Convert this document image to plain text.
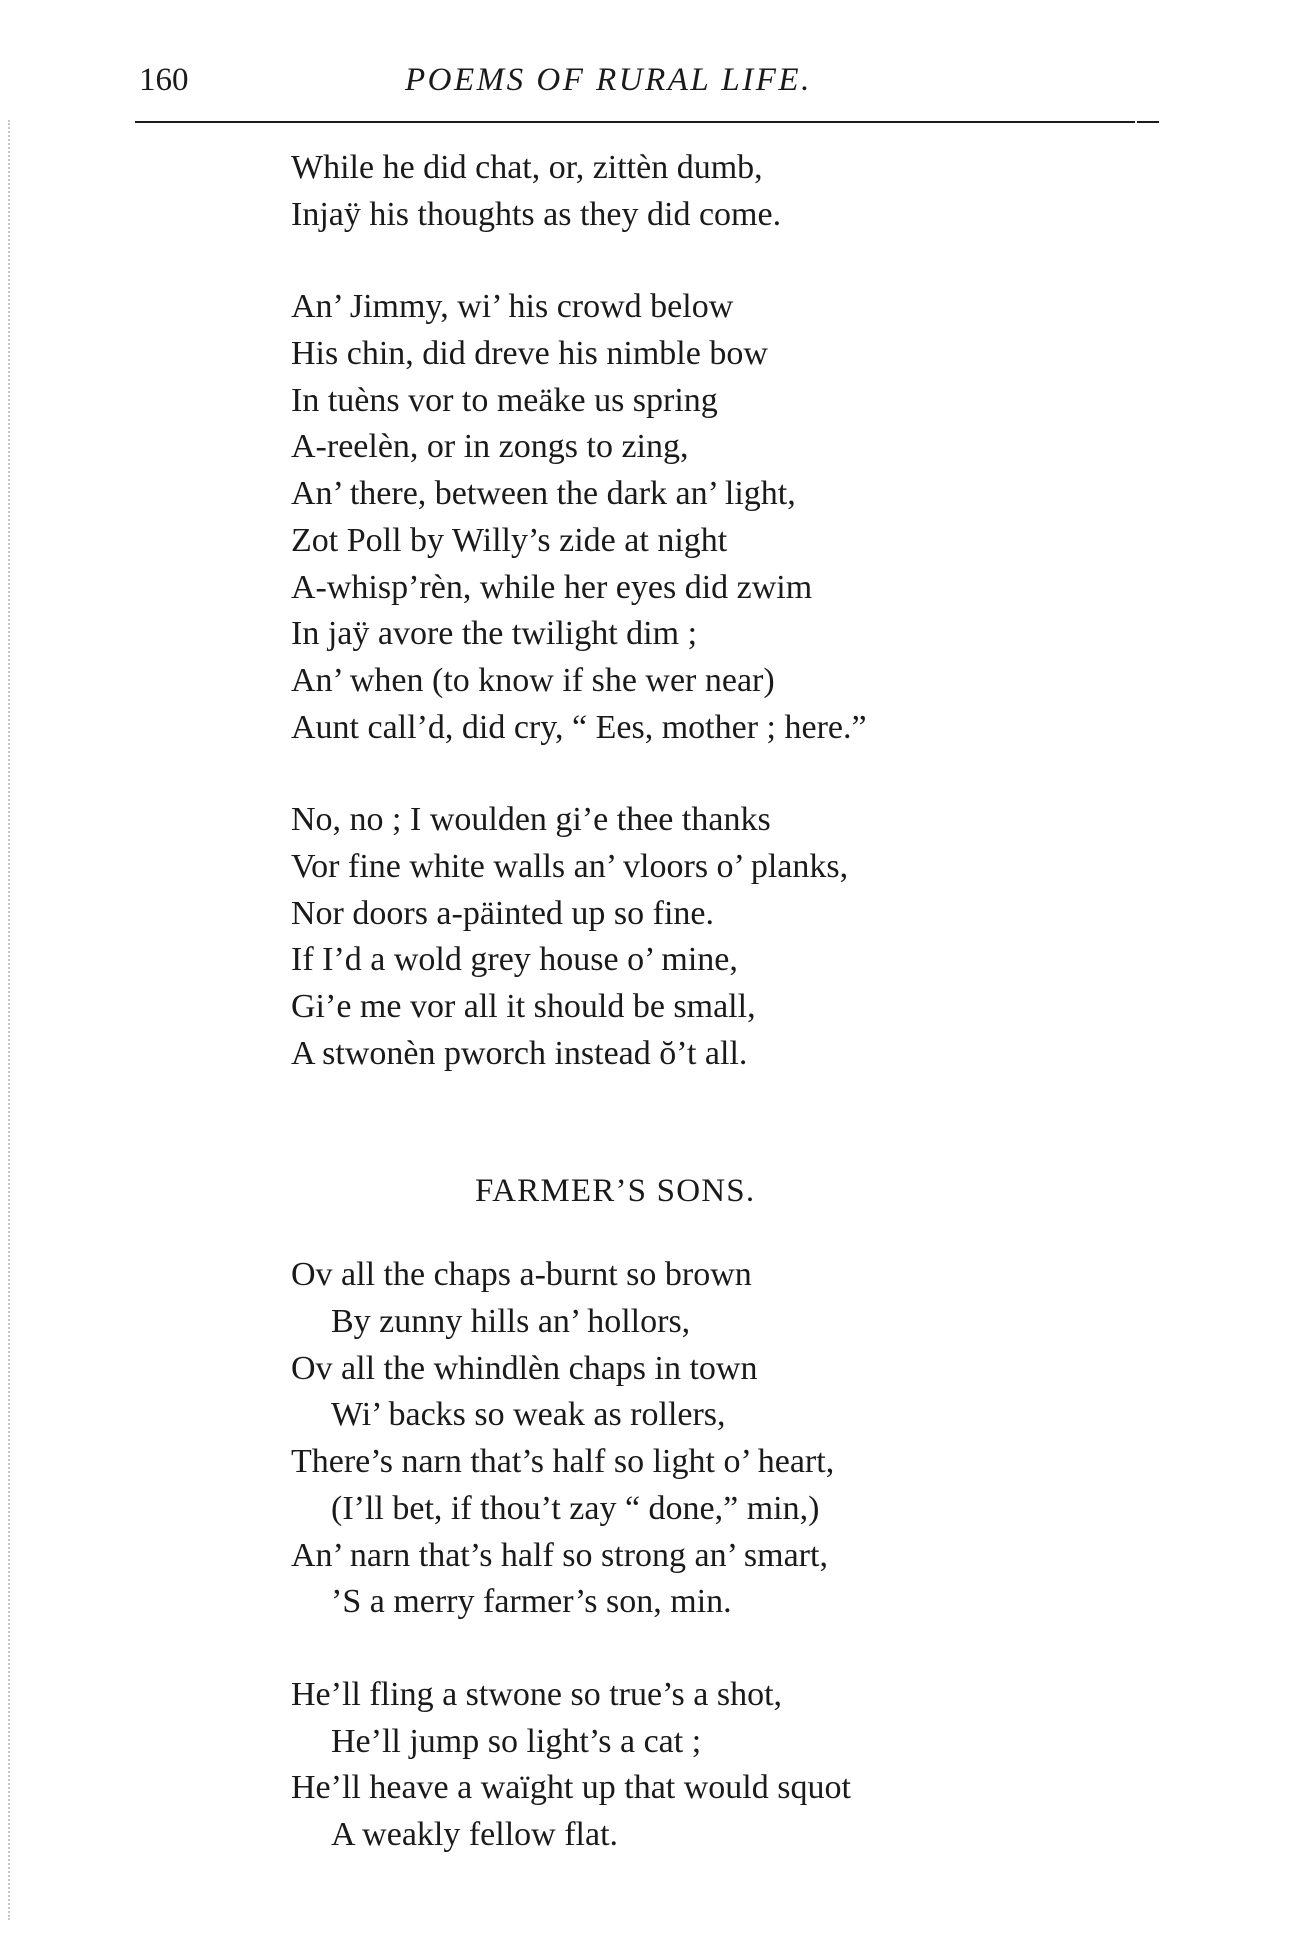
160	POEMS OF RURAL LIFE.
While he did chat, or, zittèn dumb,
Injaÿ his thoughts as they did come.
An’ Jimmy, wi’ his crowd below
His chin, did dreve his nimble bow
In tuèns vor to meäke us spring
A-reelèn, or in zongs to zing,
An’ there, between the dark an’ light,
Zot Poll by Willy’s zide at night
A-whisp’rèn, while her eyes did zwim
In jaÿ avore the twilight dim ;
An’ when (to know if she wer near)
Aunt call’d, did cry, “ Ees, mother ; here.”
No, no ; I woulden gi’e thee thanks
Vor fine white walls an’ vloors o’ planks,
Nor doors a-päinted up so fine.
If I’d a wold grey house o’ mine,
Gi’e me vor all it should be small,
A stwonèn pworch instead ŏ’t all.
FARMER’S SONS.
Ov all the chaps a-burnt so brown
By zunny hills an’ hollors,
Ov all the whindlèn chaps in town
Wi’ backs so weak as rollers,
There’s narn that’s half so light o’ heart,
(I’ll bet, if thou’t zay “ done,” min,)
An’ narn that’s half so strong an’ smart,
’S a merry farmer’s son, min.
He’ll fling a stwone so true’s a shot,
He’ll jump so light’s a cat ;
He’ll heave a waïght up that would squot
A weakly fellow flat.
